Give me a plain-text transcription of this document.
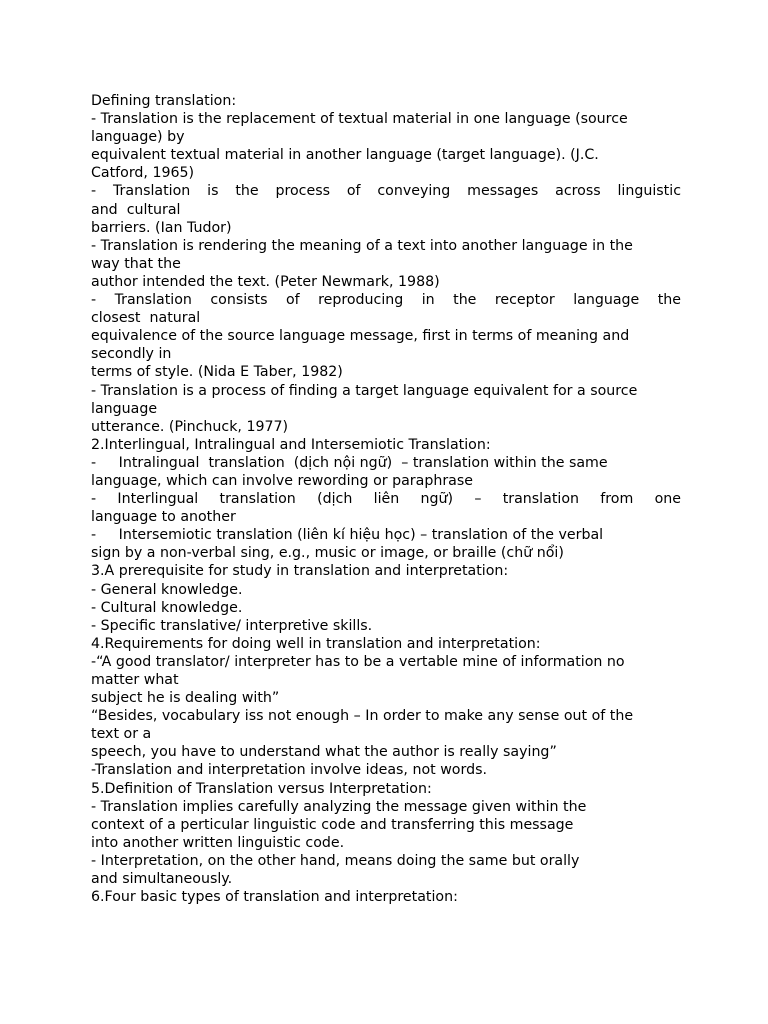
Defining translation:
- Translation is the replacement of textual material in one language (source
language) by
equivalent textual material in another language (target language). (J.C.
Catford, 1965)
- Translation is the process of conveying messages across linguistic
and  cultural
barriers. (Ian Tudor)
- Translation is rendering the meaning of a text into another language in the
way that the
author intended the text. (Peter Newmark, 1988)
- Translation consists of reproducing in the receptor language the
closest  natural
equivalence of the source language message, first in terms of meaning and
secondly in
terms of style. (Nida E Taber, 1982)
- Translation is a process of finding a target language equivalent for a source
language
utterance. (Pinchuck, 1977)
2.Interlingual, Intralingual and Intersemiotic Translation:
-     Intralingual  translation  (dịch nội ngữ)  – translation within the same
language, which can involve rewording or paraphrase
- Interlingual translation (dịch liên ngữ) – translation from one
language to another
-     Intersemiotic translation (liên kí hiệu học) – translation of the verbal
sign by a non-verbal sing, e.g., music or image, or braille (chữ nổi)
3.A prerequisite for study in translation and interpretation:
- General knowledge.
- Cultural knowledge.
- Specific translative/ interpretive skills.
4.Requirements for doing well in translation and interpretation:
-“A good translator/ interpreter has to be a vertable mine of information no
matter what
subject he is dealing with”
“Besides, vocabulary iss not enough – In order to make any sense out of the
text or a
speech, you have to understand what the author is really saying”
-Translation and interpretation involve ideas, not words.
5.Definition of Translation versus Interpretation:
- Translation implies carefully analyzing the message given within the
context of a perticular linguistic code and transferring this message
into another written linguistic code.
- Interpretation, on the other hand, means doing the same but orally
and simultaneously.
6.Four basic types of translation and interpretation:
